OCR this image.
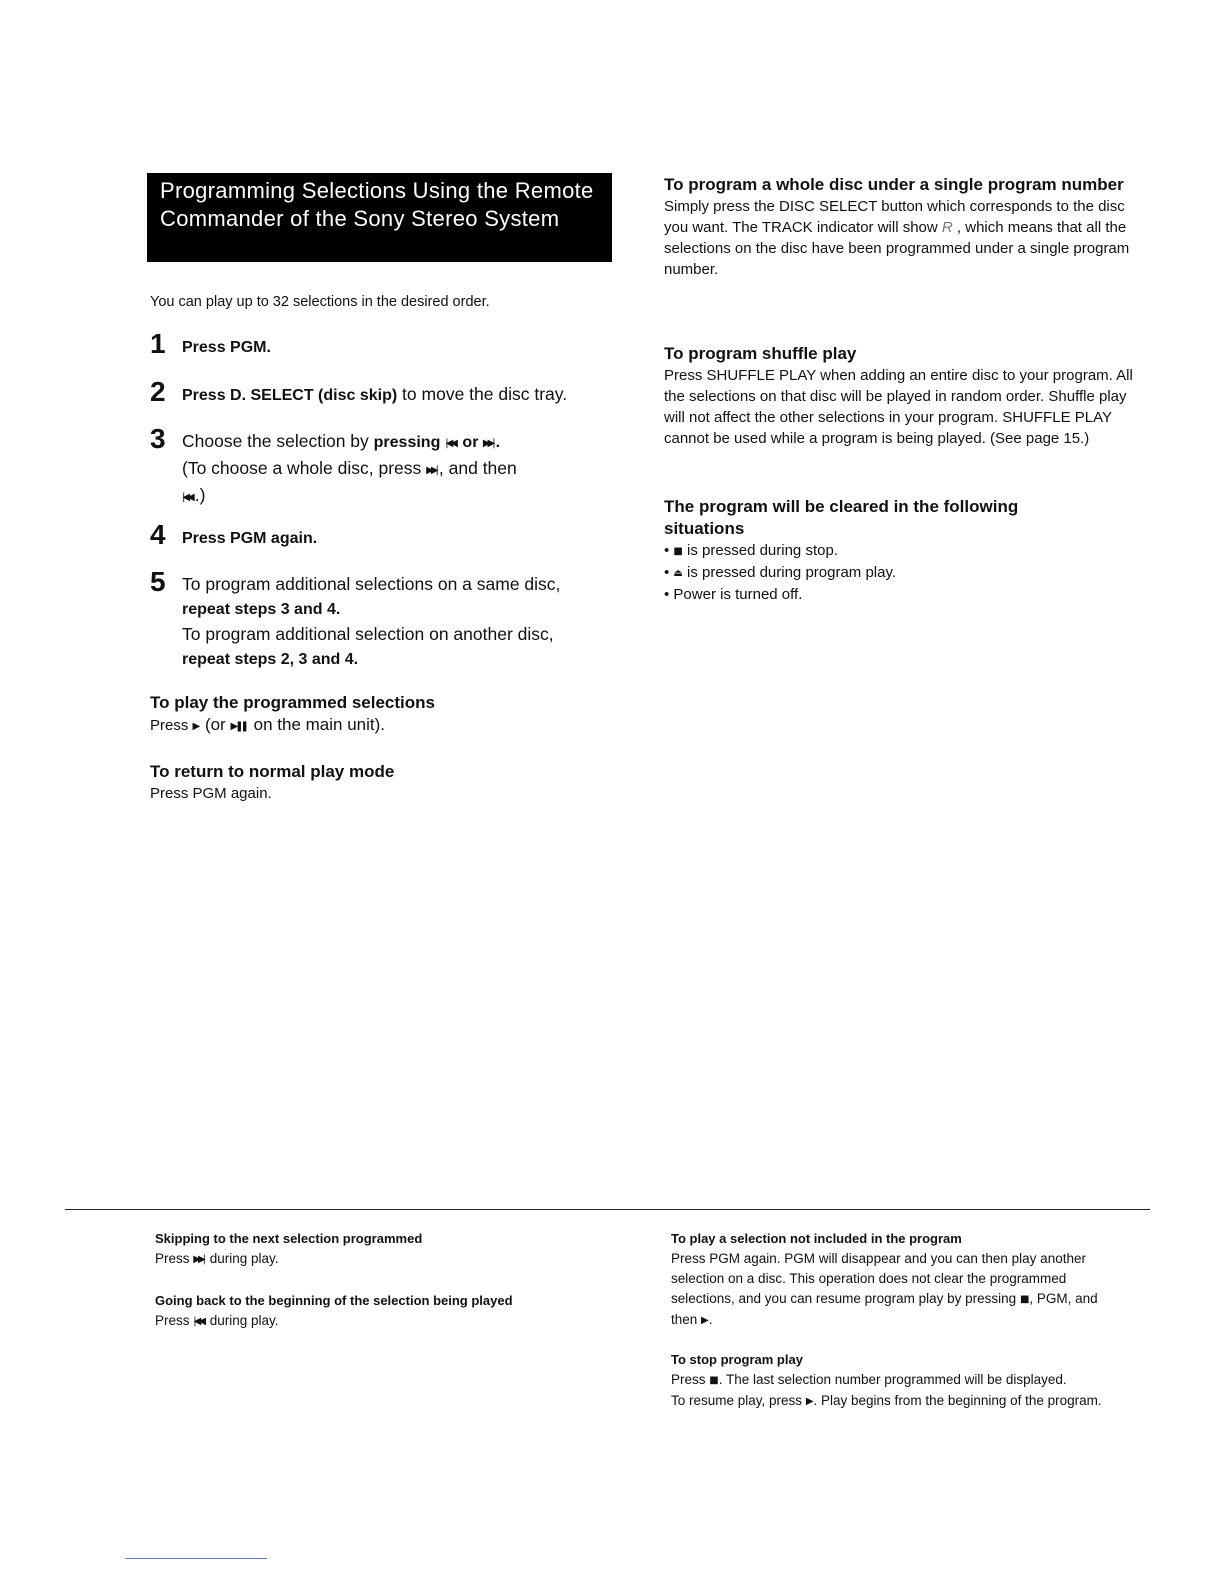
Programming Selections Using the Remote Commander of the Sony Stereo System
You can play up to 32 selections in the desired order.
1 Press PGM.
2 Press D. SELECT (disc skip) to move the disc tray.
3 Choose the selection by pressing |◀◀ or ▶▶| .
(To choose a whole disc, press ▶▶| , and then
|◀◀ .)
4 Press PGM again.
5 To program additional selections on a same disc,
repeat steps 3 and 4.
To program additional selection on another disc,
repeat steps 2, 3 and 4.
To play the programmed selections
Press ▶ (or ▶❚❚ on the main unit).
To return to normal play mode
Press PGM again.
To program a whole disc under a single program number
Simply press the DISC SELECT button which corresponds to the disc you want. The TRACK indicator will show R , which means that all the selections on the disc have been programmed under a single program number.
To program shuffle play
Press SHUFFLE PLAY when adding an entire disc to your program. All the selections on that disc will be played in random order. Shuffle play will not affect the other selections in your program. SHUFFLE PLAY cannot be used while a program is being played. (See page 15.)
The program will be cleared in the following situations
• ■ is pressed during stop.
• ⏏ is pressed during program play.
• Power is turned off.
Skipping to the next selection programmed

Press ▶▶| during play.

Going back to the beginning of the selection being played

Press |◀◀ during play.

To play a selection not included in the program

Press PGM again. PGM will disappear and you can then play another selection on a disc. This operation does not clear the programmed selections, and you can resume program play by pressing ■ , PGM, and then ▶ .

To stop program play

Press ■ . The last selection number programmed will be displayed.

To resume play, press ▶ . Play begins from the beginning of the program.
